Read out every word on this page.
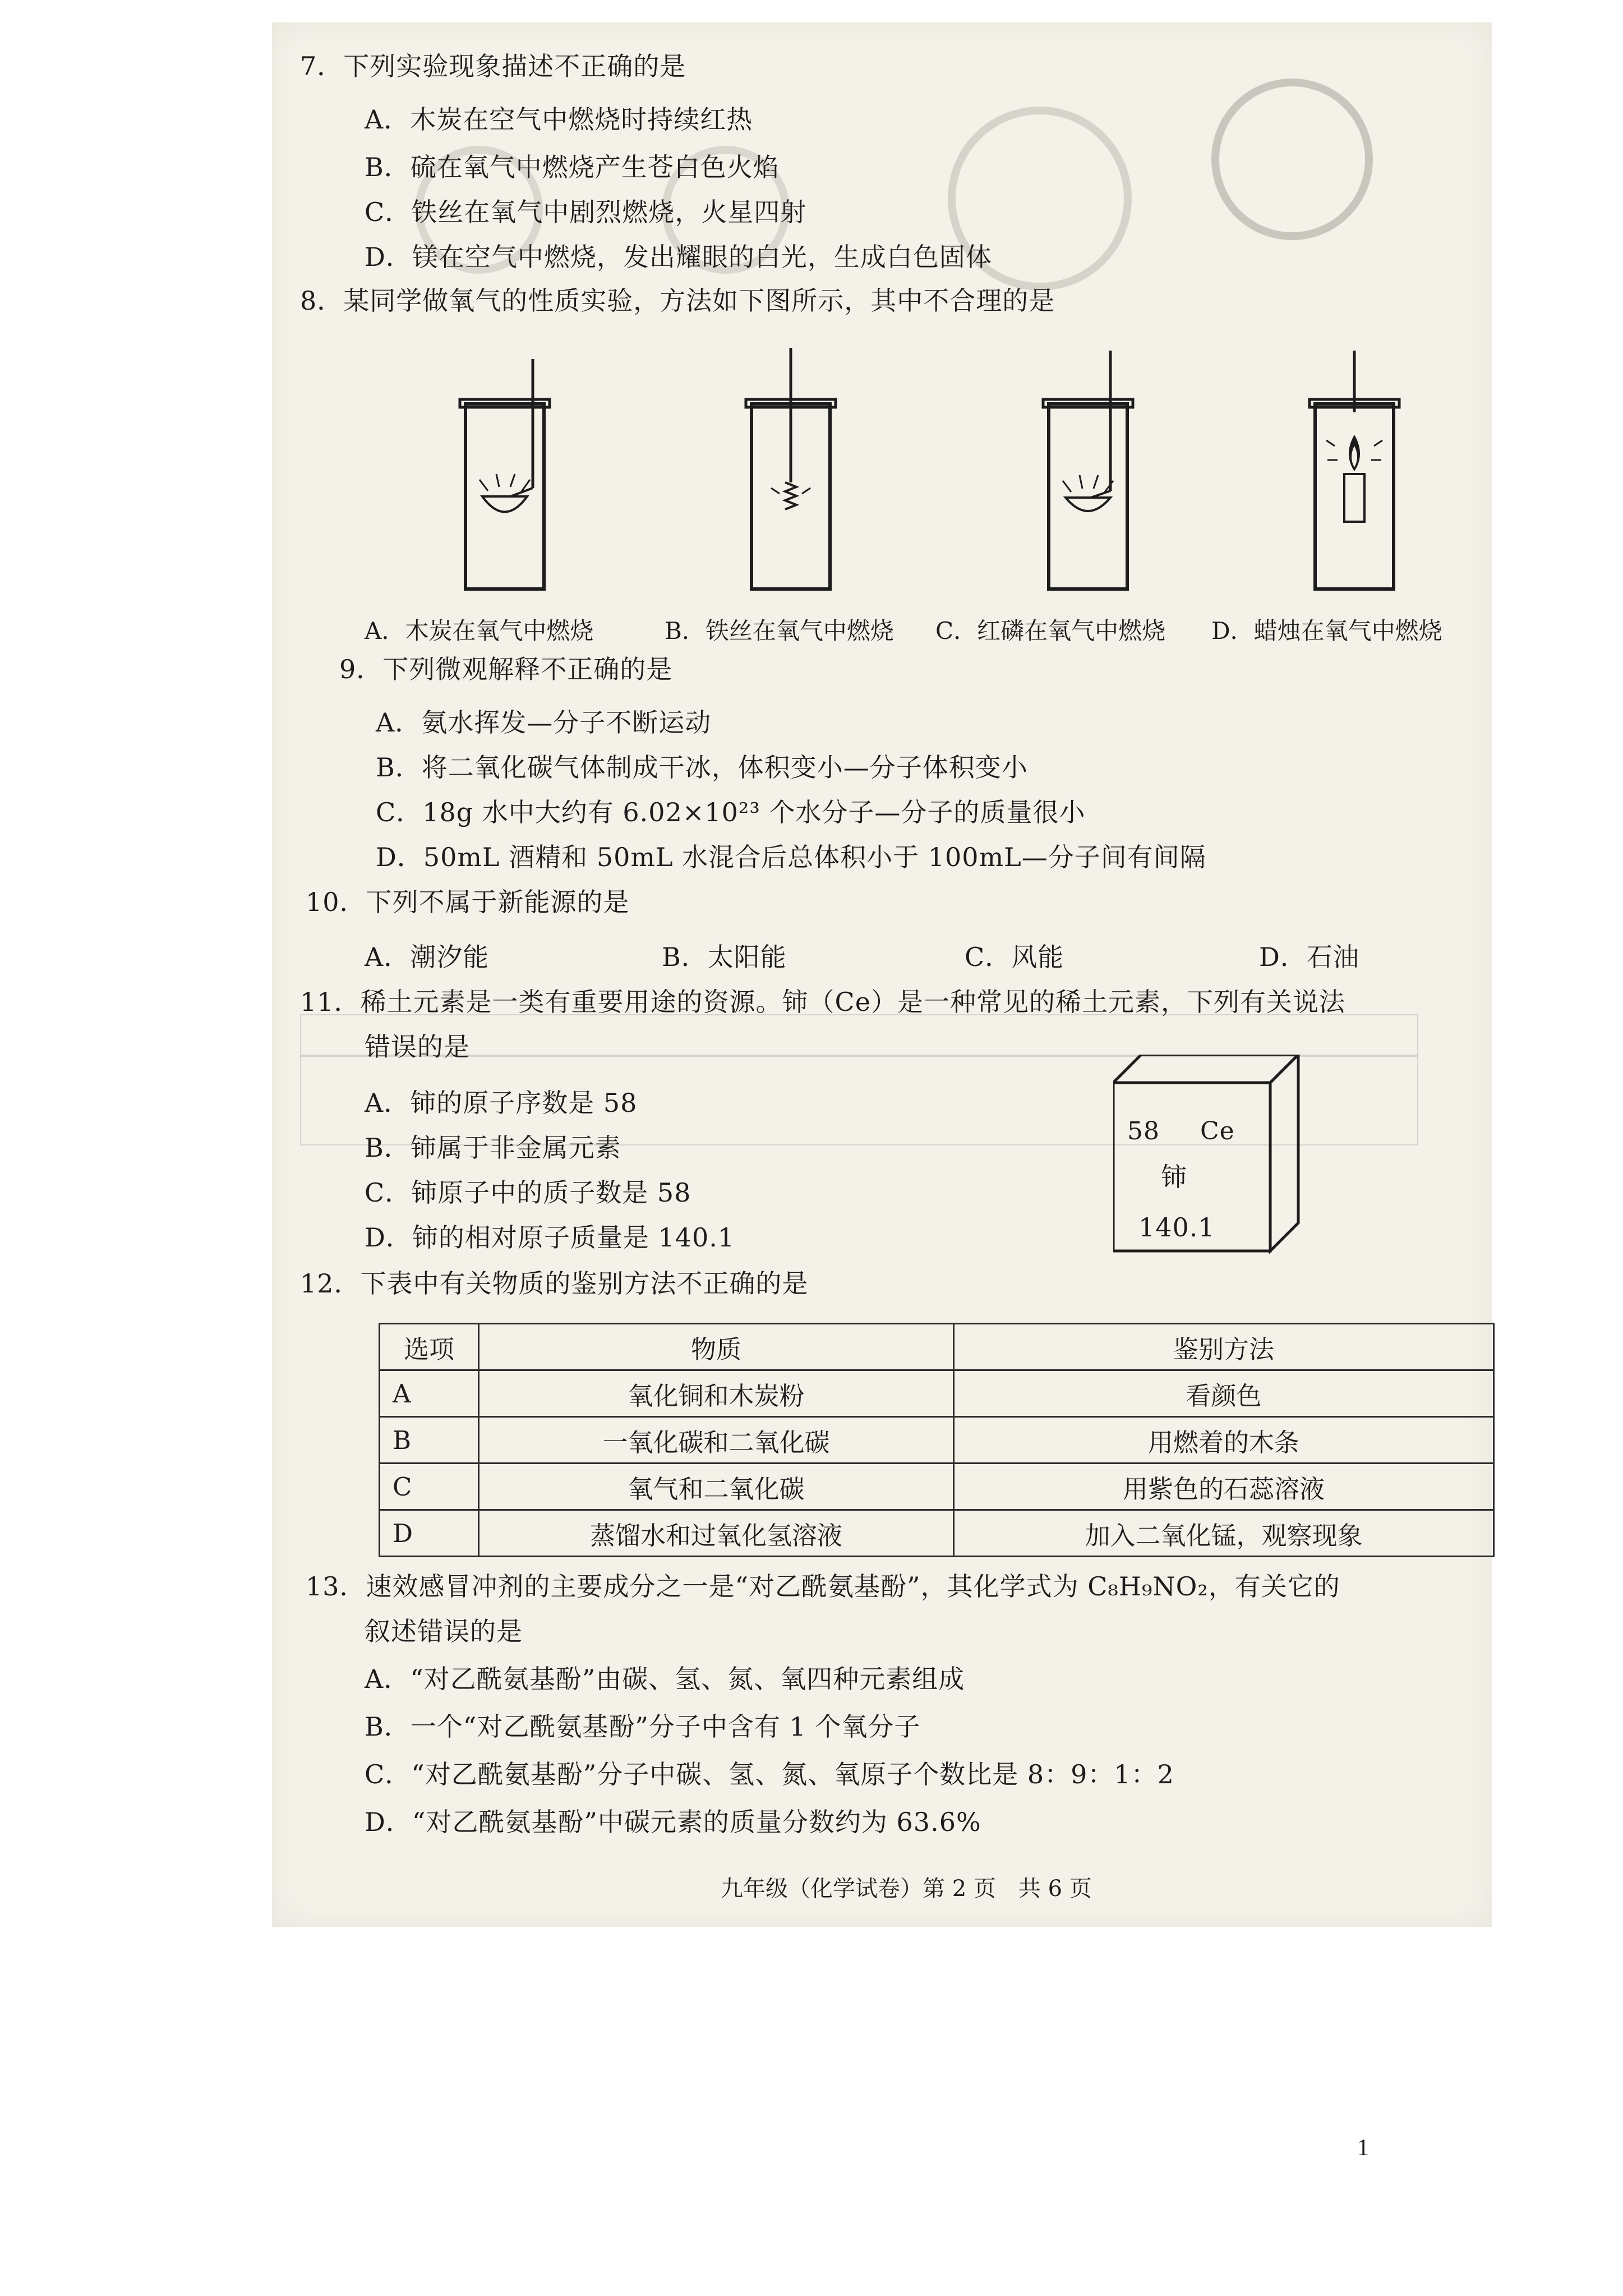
7．下列实验现象描述不正确的是
A．木炭在空气中燃烧时持续红热
B．硫在氧气中燃烧产生苍白色火焰
C．铁丝在氧气中剧烈燃烧，火星四射
D．镁在空气中燃烧，发出耀眼的白光，生成白色固体
8．某同学做氧气的性质实验，方法如下图所示，其中不合理的是
A．木炭在氧气中燃烧	B．铁丝在氧气中燃烧 C．红磷在氧气中燃烧 D．蜡烛在氧气中燃烧
9．下列微观解释不正确的是
A．氨水挥发—分子不断运动
B．将二氧化碳气体制成干冰，体积变小—分子体积变小
C．18g 水中大约有 6.02×10²³ 个水分子—分子的质量很小
D．50mL 酒精和 50mL 水混合后总体积小于 100mL—分子间有间隔
10．下列不属于新能源的是
A．潮汐能	B．太阳能	C．风能	D．石油
11．稀土元素是一类有重要用途的资源。铈（Ce）是一种常见的稀土元素，下列有关说法
错误的是
A．铈的原子序数是 58
B．铈属于非金属元素
C．铈原子中的质子数是 58
D．铈的相对原子质量是 140.1
58 Ce
铈
140.1
12．下表中有关物质的鉴别方法不正确的是
选项	物质	鉴别方法
A	氧化铜和木炭粉	看颜色
B	一氧化碳和二氧化碳	用燃着的木条
C	氧气和二氧化碳	用紫色的石蕊溶液
D	蒸馏水和过氧化氢溶液	加入二氧化锰，观察现象
13．速效感冒冲剂的主要成分之一是“对乙酰氨基酚”，其化学式为 C₈H₉NO₂，有关它的
叙述错误的是
A．“对乙酰氨基酚”由碳、氢、氮、氧四种元素组成
B．一个“对乙酰氨基酚”分子中含有 1 个氧分子
C．“对乙酰氨基酚”分子中碳、氢、氮、氧原子个数比是 8：9：1：2
D．“对乙酰氨基酚”中碳元素的质量分数约为 63.6%
九年级（化学试卷）第 2 页　共 6 页
1
